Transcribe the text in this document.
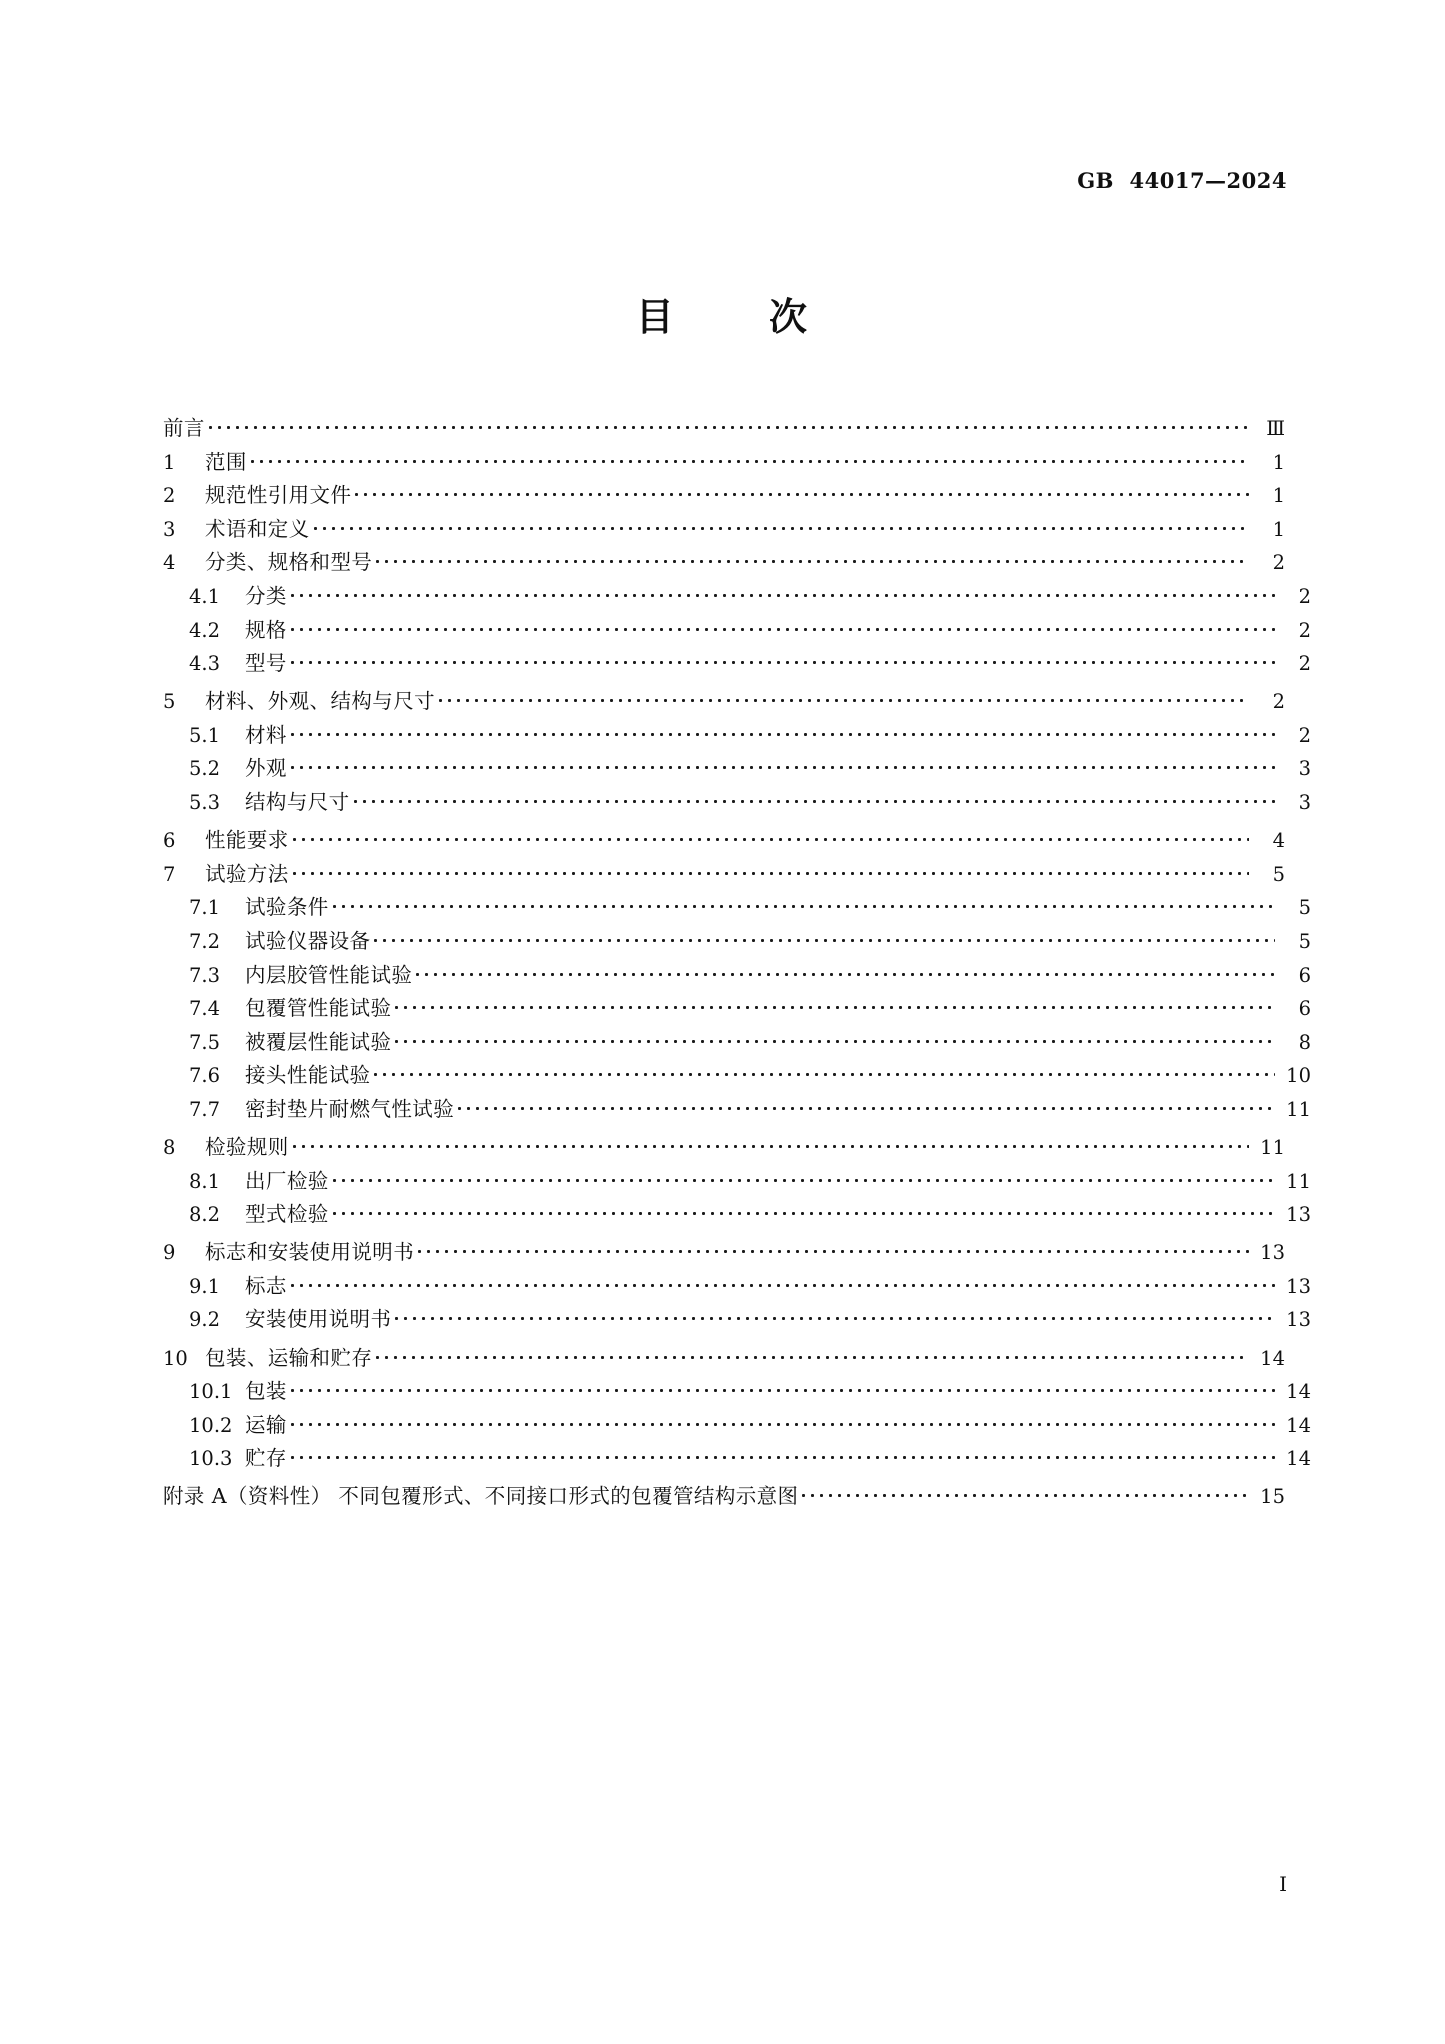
GB  44017—2024
目      次
前言	Ⅲ
1	范围	1
2	规范性引用文件	1
3	术语和定义	1
4	分类、规格和型号	2
4.1	分类	2
4.2	规格	2
4.3	型号	2
5	材料、外观、结构与尺寸	2
5.1	材料	2
5.2	外观	3
5.3	结构与尺寸	3
6	性能要求	4
7	试验方法	5
7.1	试验条件	5
7.2	试验仪器设备	5
7.3	内层胶管性能试验	6
7.4	包覆管性能试验	6
7.5	被覆层性能试验	8
7.6	接头性能试验	10
7.7	密封垫片耐燃气性试验	11
8	检验规则	11
8.1	出厂检验	11
8.2	型式检验	13
9	标志和安装使用说明书	13
9.1	标志	13
9.2	安装使用说明书	13
10 包装、运输和贮存	14
10.1 包装	14
10.2 运输	14
10.3 贮存	14
附录 A（资料性） 不同包覆形式、不同接口形式的包覆管结构示意图	15
Ⅰ
